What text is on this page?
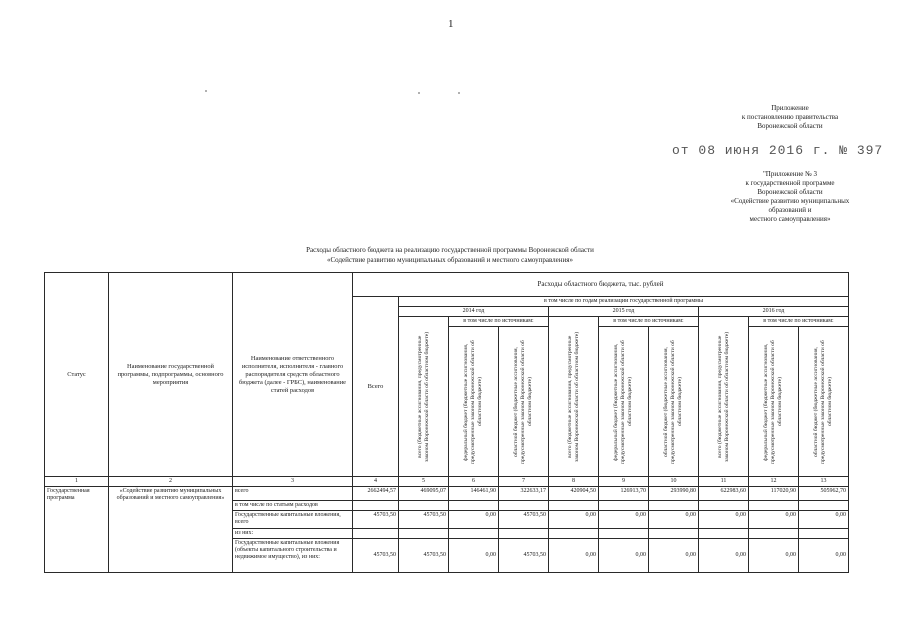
1
Приложение
к постановлению правительства
Воронежской области
от 08 июня 2016 г. № 397
"Приложение № 3
к государственной программе
Воронежской области
«Содействие развитию муниципальных
образований и
местного самоуправления»
Расходы областного бюджета на реализацию государственной программы Воронежской области
«Содействие развитию муниципальных образований и местного самоуправления»
Статус	Наименование государственной программы, подпрограммы, основного мероприятия	Наименование ответственного исполнителя, исполнителя - главного распорядителя средств областного бюджета (далее - ГРБС), наименование статей расходов	Расходы областного бюджета, тыс. рублей									
			Всего	в том числе по годам реализации государственной программы								
				2014 год			2015 год			2016 год		

				всего (бюджетные ассигнования, предусмотренные законом Воронежской области об областном бюджете)	в том числе по источникам:		всего (бюджетные ассигнования, предусмотренные законом Воронежской области об областном бюджете)	в том числе по источникам:		всего (бюджетные ассигнования, предусмотренные законом Воронежской области об областном бюджете)	в том числе по источникам:	

					федеральный бюджет (бюджетные ассигнования, предусмотренные законом Воронежской области об областном бюджете)	областной бюджет (бюджетные ассигнования, предусмотренные законом Воронежской области об областном бюджете)		федеральный бюджет (бюджетные ассигнования, предусмотренные законом Воронежской области об областном бюджете)	областной бюджет (бюджетные ассигнования, предусмотренные законом Воронежской области об областном бюджете)		федеральный бюджет (бюджетные ассигнования, предусмотренные законом Воронежской области об областном бюджете)	областной бюджет (бюджетные ассигнования, предусмотренные законом Воронежской области об областном бюджете)

1	2	3	4	5	6	7	8	9	10	11	12	13
Государственная программа	«Содействие развитию муниципальных образований и местного самоуправления»	всего	2662494,57	469095,07	146461,90	322633,17	420904,50	126913,70	293990,80	622983,60	117020,90	505962,70
		в том числе по статьям расходов										
		Государственные капитальные вложения, всего	45703,50	45703,50	0,00	45703,50	0,00	0,00	0,00	0,00	0,00	0,00
		из них:										
		Государственные капитальные вложения (объекты капитального строительства и недвижимое имущество), из них:	45703,50	45703,50	0,00	45703,50	0,00	0,00	0,00	0,00	0,00	0,00
